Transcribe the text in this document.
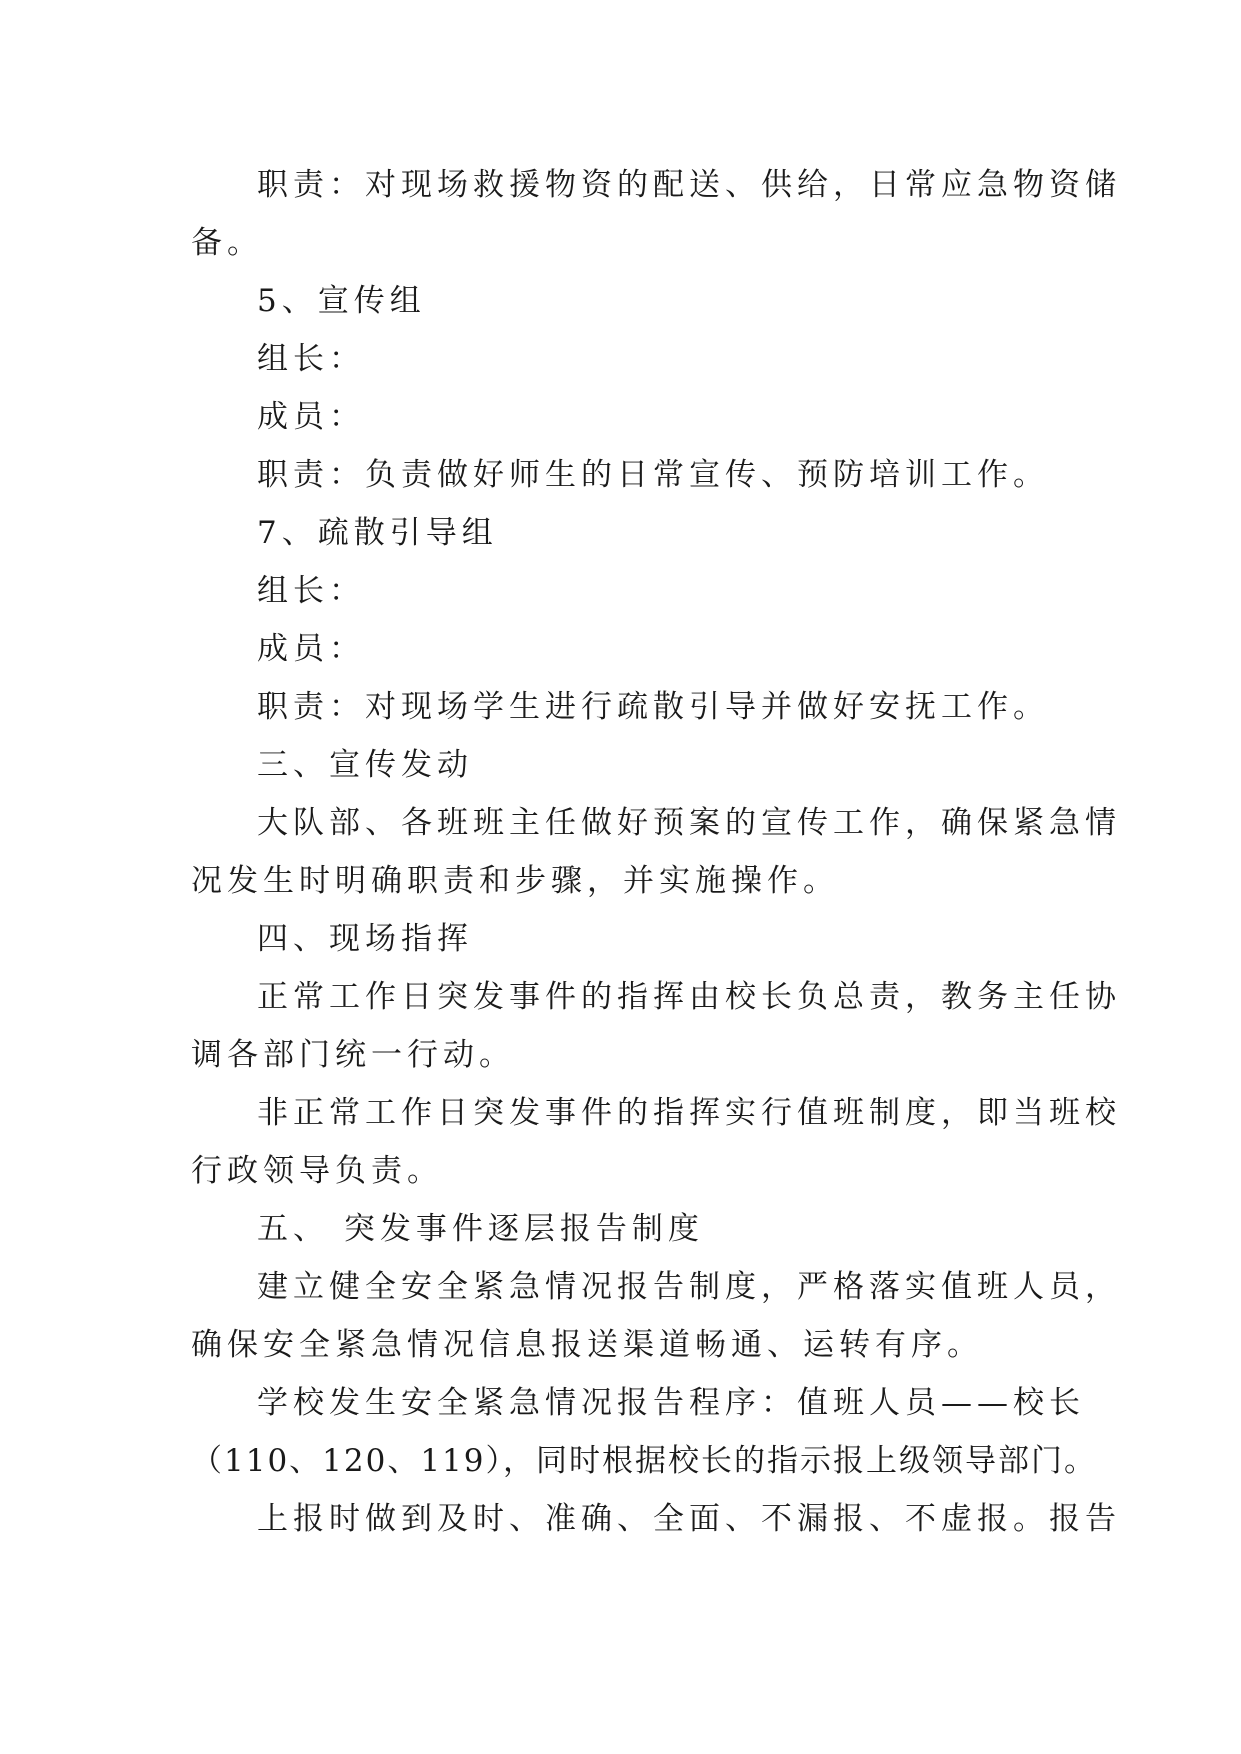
职责：对现场救援物资的配送、供给，日常应急物资储

备。

5、宣传组

组长：

成员：

职责：负责做好师生的日常宣传、预防培训工作。

7、疏散引导组

组长：

成员：

职责：对现场学生进行疏散引导并做好安抚工作。

三、宣传发动

大队部、各班班主任做好预案的宣传工作，确保紧急情

况发生时明确职责和步骤，并实施操作。

四、现场指挥

正常工作日突发事件的指挥由校长负总责，教务主任协

调各部门统一行动。

非正常工作日突发事件的指挥实行值班制度，即当班校

行政领导负责。

五、 突发事件逐层报告制度

建立健全安全紧急情况报告制度，严格落实值班人员，

确保安全紧急情况信息报送渠道畅通、运转有序。

学校发生安全紧急情况报告程序：值班人员——校长

（110、120、119），同时根据校长的指示报上级领导部门。

上报时做到及时、准确、全面、不漏报、不虚报。报告
